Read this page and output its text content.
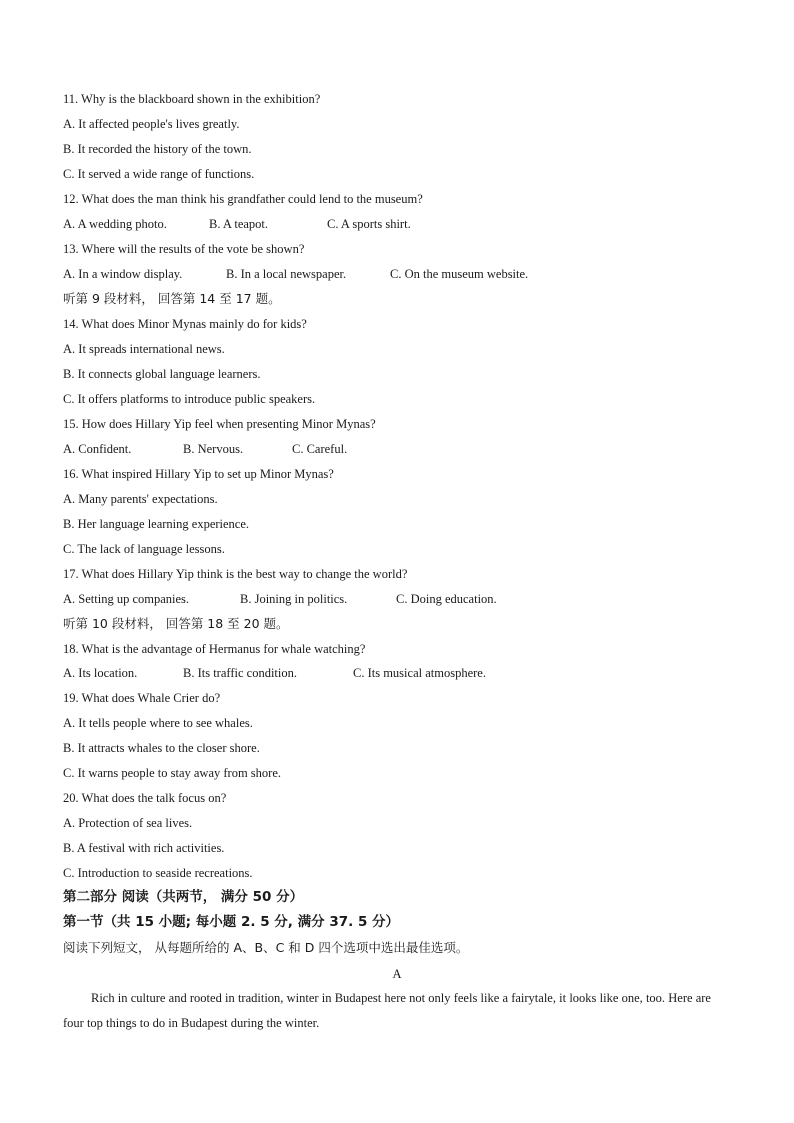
11. Why is the blackboard shown in the exhibition?
A. It affected people's lives greatly.
B. It recorded the history of the town.
C. It served a wide range of functions.
12. What does the man think his grandfather could lend to the museum?
A. A wedding photo.	B. A teapot.	C. A sports shirt.
13. Where will the results of the vote be shown?
A. In a window display.	B. In a local newspaper.	C. On the museum website.
听第 9 段材料， 回答第 14 至 17 题。
14. What does Minor Mynas mainly do for kids?
A. It spreads international news.
B. It connects global language learners.
C. It offers platforms to introduce public speakers.
15. How does Hillary Yip feel when presenting Minor Mynas?
A. Confident.	B. Nervous.	C. Careful.
16. What inspired Hillary Yip to set up Minor Mynas?
A. Many parents' expectations.
B. Her language learning experience.
C. The lack of language lessons.
17. What does Hillary Yip think is the best way to change the world?
A. Setting up companies.	B. Joining in politics.	C. Doing education.
听第 10 段材料， 回答第 18 至 20 题。
18. What is the advantage of Hermanus for whale watching?
A. Its location.	B. Its traffic condition.	C. Its musical atmosphere.
19. What does Whale Crier do?
A. It tells people where to see whales.
B. It attracts whales to the closer shore.
C. It warns people to stay away from shore.
20. What does the talk focus on?
A. Protection of sea lives.
B. A festival with rich activities.
C. Introduction to seaside recreations.
第二部分 阅读（共两节， 满分 50 分）
第一节（共 15 小题; 每小题 2. 5 分, 满分 37. 5 分）
阅读下列短文， 从每题所给的 A、B、C 和 D 四个选项中选出最佳选项。
A
Rich in culture and rooted in tradition, winter in Budapest here not only feels like a fairytale, it looks like one, too. Here are four top things to do in Budapest during the winter.
